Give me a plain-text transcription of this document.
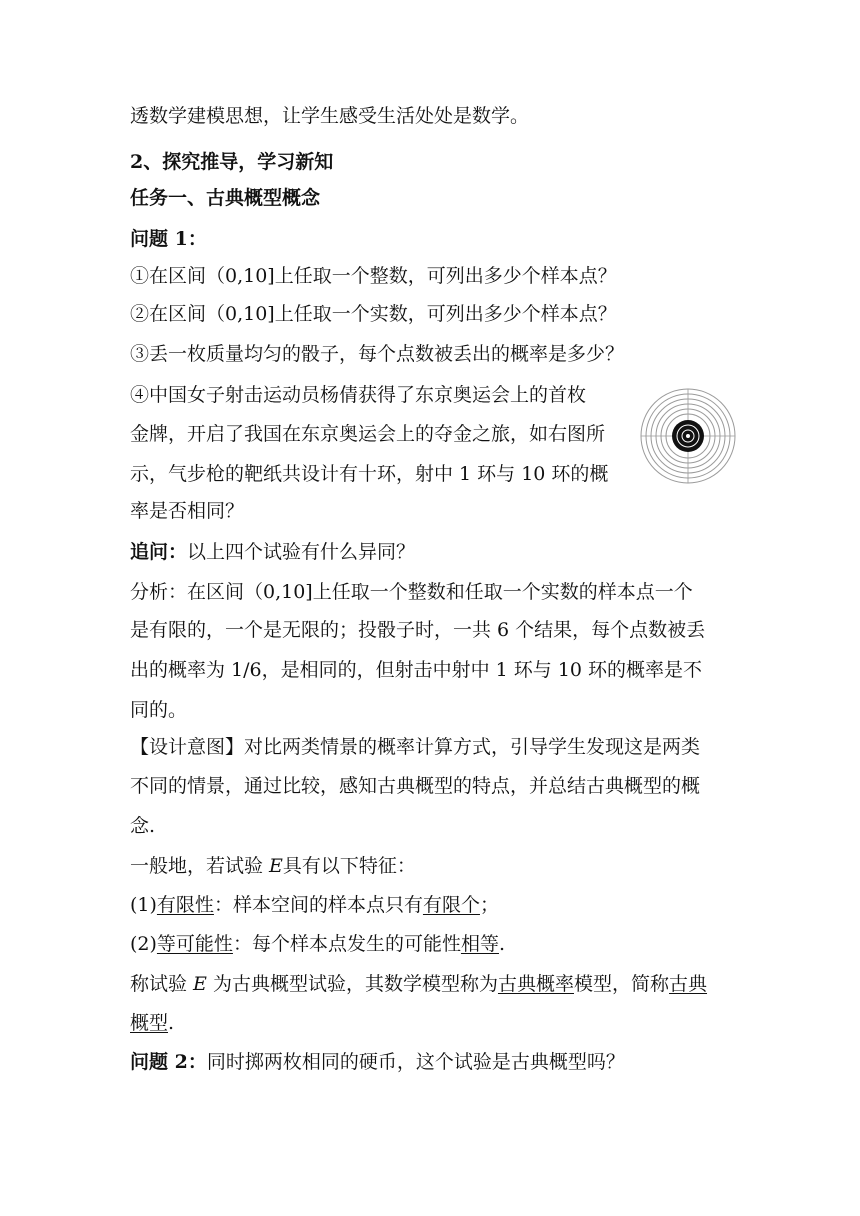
透数学建模思想，让学生感受生活处处是数学。
2、探究推导，学习新知
任务一、古典概型概念
问题 1：
①在区间（0,10]上任取一个整数，可列出多少个样本点？
②在区间（0,10]上任取一个实数，可列出多少个样本点？
③丢一枚质量均匀的骰子，每个点数被丢出的概率是多少？
④中国女子射击运动员杨倩获得了东京奥运会上的首枚
金牌，开启了我国在东京奥运会上的夺金之旅，如右图所
示，气步枪的靶纸共设计有十环，射中 1 环与 10 环的概
率是否相同？
追问：以上四个试验有什么异同？
分析：在区间（0,10]上任取一个整数和任取一个实数的样本点一个
是有限的，一个是无限的；投骰子时，一共 6 个结果，每个点数被丢
出的概率为 1/6，是相同的，但射击中射中 1 环与 10 环的概率是不
同的。
【设计意图】对比两类情景的概率计算方式，引导学生发现这是两类
不同的情景，通过比较，感知古典概型的特点，并总结古典概型的概
念.
一般地，若试验 E具有以下特征：
(1)有限性：样本空间的样本点只有有限个；
(2)等可能性：每个样本点发生的可能性相等.
称试验 E 为古典概型试验，其数学模型称为古典概率模型，简称古典
概型.
问题 2：同时掷两枚相同的硬币，这个试验是古典概型吗？
